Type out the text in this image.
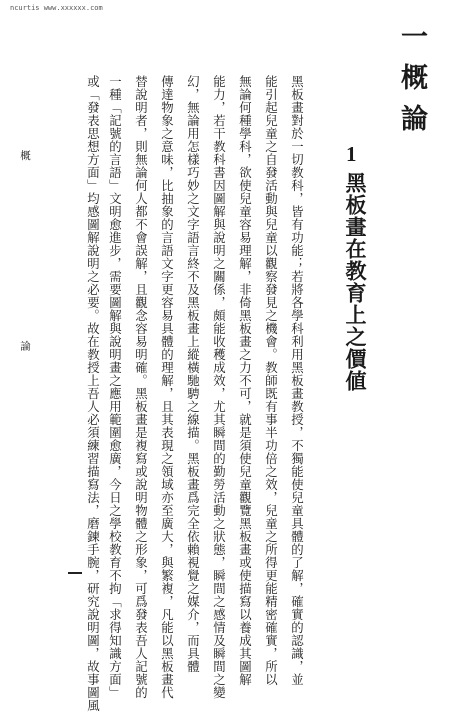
ncurtis www.xxxxxx.com
一概論
1
黑板畫在教育上之價値
黑板畫對於一切教科，皆有功能；若將各學科利用黑板畫教授，不獨能使兒童具體的了解，確實的認識，並
能引起兒童之自發活動與兒童以觀察發見之機會。教師既有事半功倍之效，兒童之所得更能精密確實，所以
無論何種學科，欲使兒童容易理解，非倚黑板畫之力不可，就是須使兒童觀覽黑板畫或使描寫以養成其圖解
能力，若干教科書因圖解與說明之關係，頗能收穫成效，尤其瞬間的勤勞活動之狀態，瞬間之感情及瞬間之變
幻，無論用怎樣巧妙之文字語言終不及黑板畫上縱橫馳騁之線描。黑板畫爲完全依賴視覺之媒介，而具體
傳達物象之意味，比抽象的言語文字更容易具體的理解，且其表現之領域亦至廣大，與繁複，凡能以黑板畫代
替說明者，則無論何人都不會誤解，且觀念容易明確。黑板畫是複寫或說明物體之形象，可爲發表吾人記號的
一種「記號的言語」文明愈進步，需要圖解與說明畫之應用範圍愈廣，今日之學校教育不拘「求得知識方面」
或「發表思想方面」均感圖解說明之必要。故在教授上吾人必須練習描寫法，磨鍊手腕，研究說明圖，故事圖風
概論
